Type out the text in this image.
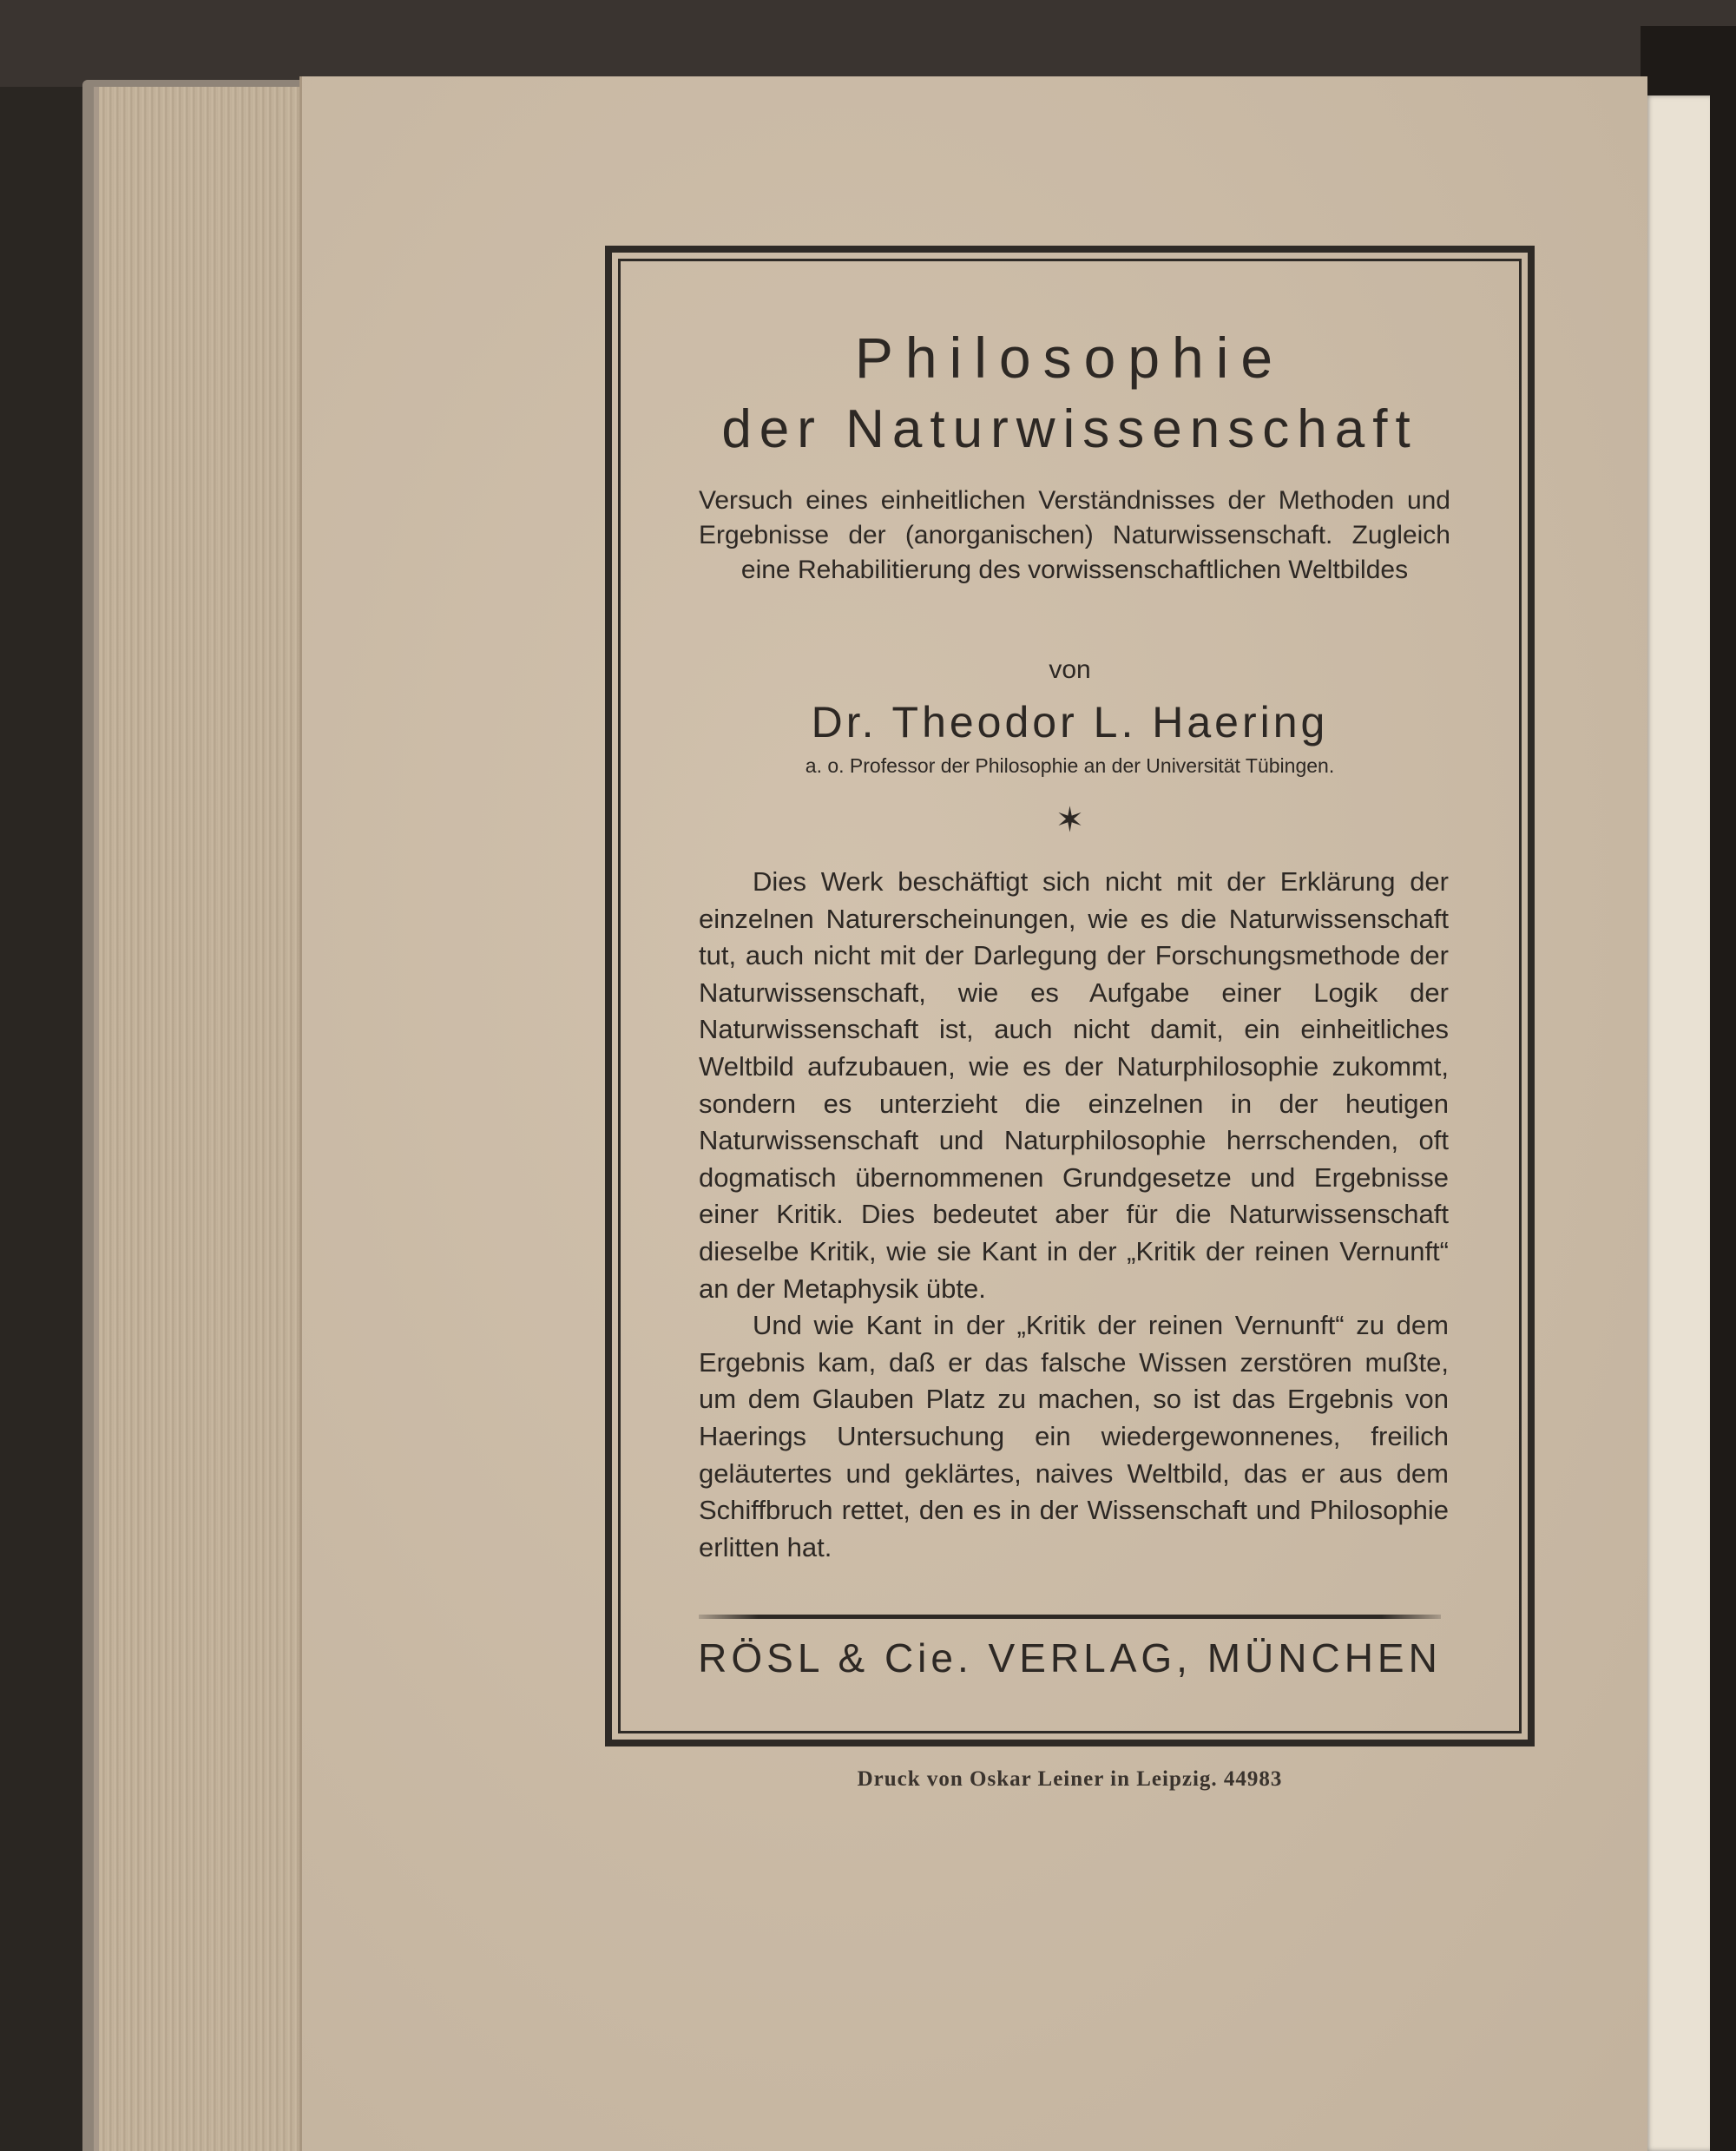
Philosophie
der Naturwissenschaft
Versuch eines einheitlichen Verständnisses der Methoden und Ergebnisse der (anorganischen) Naturwissenschaft. Zugleich eine Rehabilitierung des vorwissenschaftlichen Weltbildes
von
Dr. Theodor L. Haering
a. o. Professor der Philosophie an der Universität Tübingen.
✶

Dies Werk beschäftigt sich nicht mit der Erklärung der einzelnen Naturerscheinungen, wie es die Naturwissenschaft tut, auch nicht mit der Darlegung der Forschungsmethode der Naturwissenschaft, wie es Aufgabe einer Logik der Naturwissenschaft ist, auch nicht damit, ein einheitliches Weltbild aufzubauen, wie es der Naturphilosophie zukommt, sondern es unterzieht die einzelnen in der heutigen Naturwissenschaft und Naturphilosophie herrschenden, oft dogmatisch übernommenen Grundgesetze und Ergebnisse einer Kritik. Dies bedeutet aber für die Naturwissenschaft dieselbe Kritik, wie sie Kant in der „Kritik der reinen Vernunft“ an der Metaphysik übte.

Und wie Kant in der „Kritik der reinen Vernunft“ zu dem Ergebnis kam, daß er das falsche Wissen zerstören mußte, um dem Glauben Platz zu machen, so ist das Ergebnis von Haerings Untersuchung ein wiedergewonnenes, freilich geläutertes und geklärtes, naives Weltbild, das er aus dem Schiffbruch rettet, den es in der Wissenschaft und Philosophie erlitten hat.

RÖSL & Cie. VERLAG, MÜNCHEN
Druck von Oskar Leiner in Leipzig. 44983
